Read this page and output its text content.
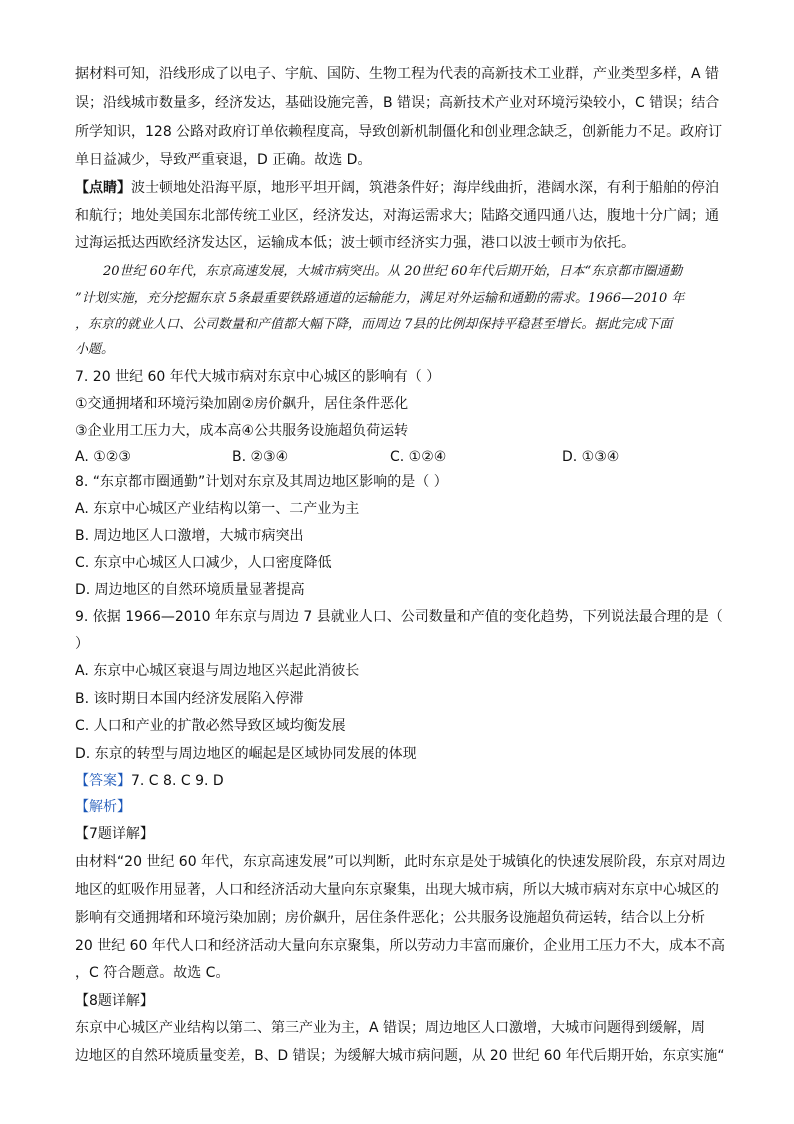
据材料可知，沿线形成了以电子、宇航、国防、生物工程为代表的高新技术工业群，产业类型多样，A 错
误；沿线城市数量多，经济发达，基础设施完善，B 错误；高新技术产业对环境污染较小，C 错误；结合
所学知识，128 公路对政府订单依赖程度高，导致创新机制僵化和创业理念缺乏，创新能力不足。政府订
单日益减少，导致严重衰退，D 正确。故选 D。
【点睛】波士顿地处沿海平原，地形平坦开阔，筑港条件好；海岸线曲折，港阔水深，有利于船舶的停泊
和航行；地处美国东北部传统工业区，经济发达，对海运需求大；陆路交通四通八达，腹地十分广阔；通
过海运抵达西欧经济发达区，运输成本低；波士顿市经济实力强，港口以波士顿市为依托。
20世纪 60年代，东京高速发展，大城市病突出。从 20世纪 60年代后期开始，日本“东京都市圈通勤
”计划实施，充分挖掘东京 5条最重要铁路通道的运输能力，满足对外运输和通勤的需求。1966—2010 年
，东京的就业人口、公司数量和产值都大幅下降，而周边 7县的比例却保持平稳甚至增长。据此完成下面
小题。
7. 20 世纪 60 年代大城市病对东京中心城区的影响有（ ）
①交通拥堵和环境污染加剧②房价飙升，居住条件恶化
③企业用工压力大，成本高④公共服务设施超负荷运转
A. ①②③	B. ②③④	C. ①②④	D. ①③④
8. “东京都市圈通勤”计划对东京及其周边地区影响的是（ ）
A. 东京中心城区产业结构以第一、二产业为主
B. 周边地区人口激增，大城市病突出
C. 东京中心城区人口减少，人口密度降低
D. 周边地区的自然环境质量显著提高
9. 依据 1966—2010 年东京与周边 7 县就业人口、公司数量和产值的变化趋势，下列说法最合理的是（
）
A. 东京中心城区衰退与周边地区兴起此消彼长
B. 该时期日本国内经济发展陷入停滞
C. 人口和产业的扩散必然导致区域均衡发展
D. 东京的转型与周边地区的崛起是区域协同发展的体现
【答案】7. C 8. C 9. D
【解析】
【7题详解】
由材料“20 世纪 60 年代，东京高速发展”可以判断，此时东京是处于城镇化的快速发展阶段，东京对周边
地区的虹吸作用显著，人口和经济活动大量向东京聚集，出现大城市病，所以大城市病对东京中心城区的
影响有交通拥堵和环境污染加剧；房价飙升，居住条件恶化；公共服务设施超负荷运转，结合以上分析
20 世纪 60 年代人口和经济活动大量向东京聚集，所以劳动力丰富而廉价，企业用工压力不大，成本不高
，C 符合题意。故选 C。
【8题详解】
东京中心城区产业结构以第二、第三产业为主，A 错误；周边地区人口激增，大城市问题得到缓解，周
边地区的自然环境质量变差，B、D 错误；为缓解大城市病问题，从 20 世纪 60 年代后期开始，东京实施“
